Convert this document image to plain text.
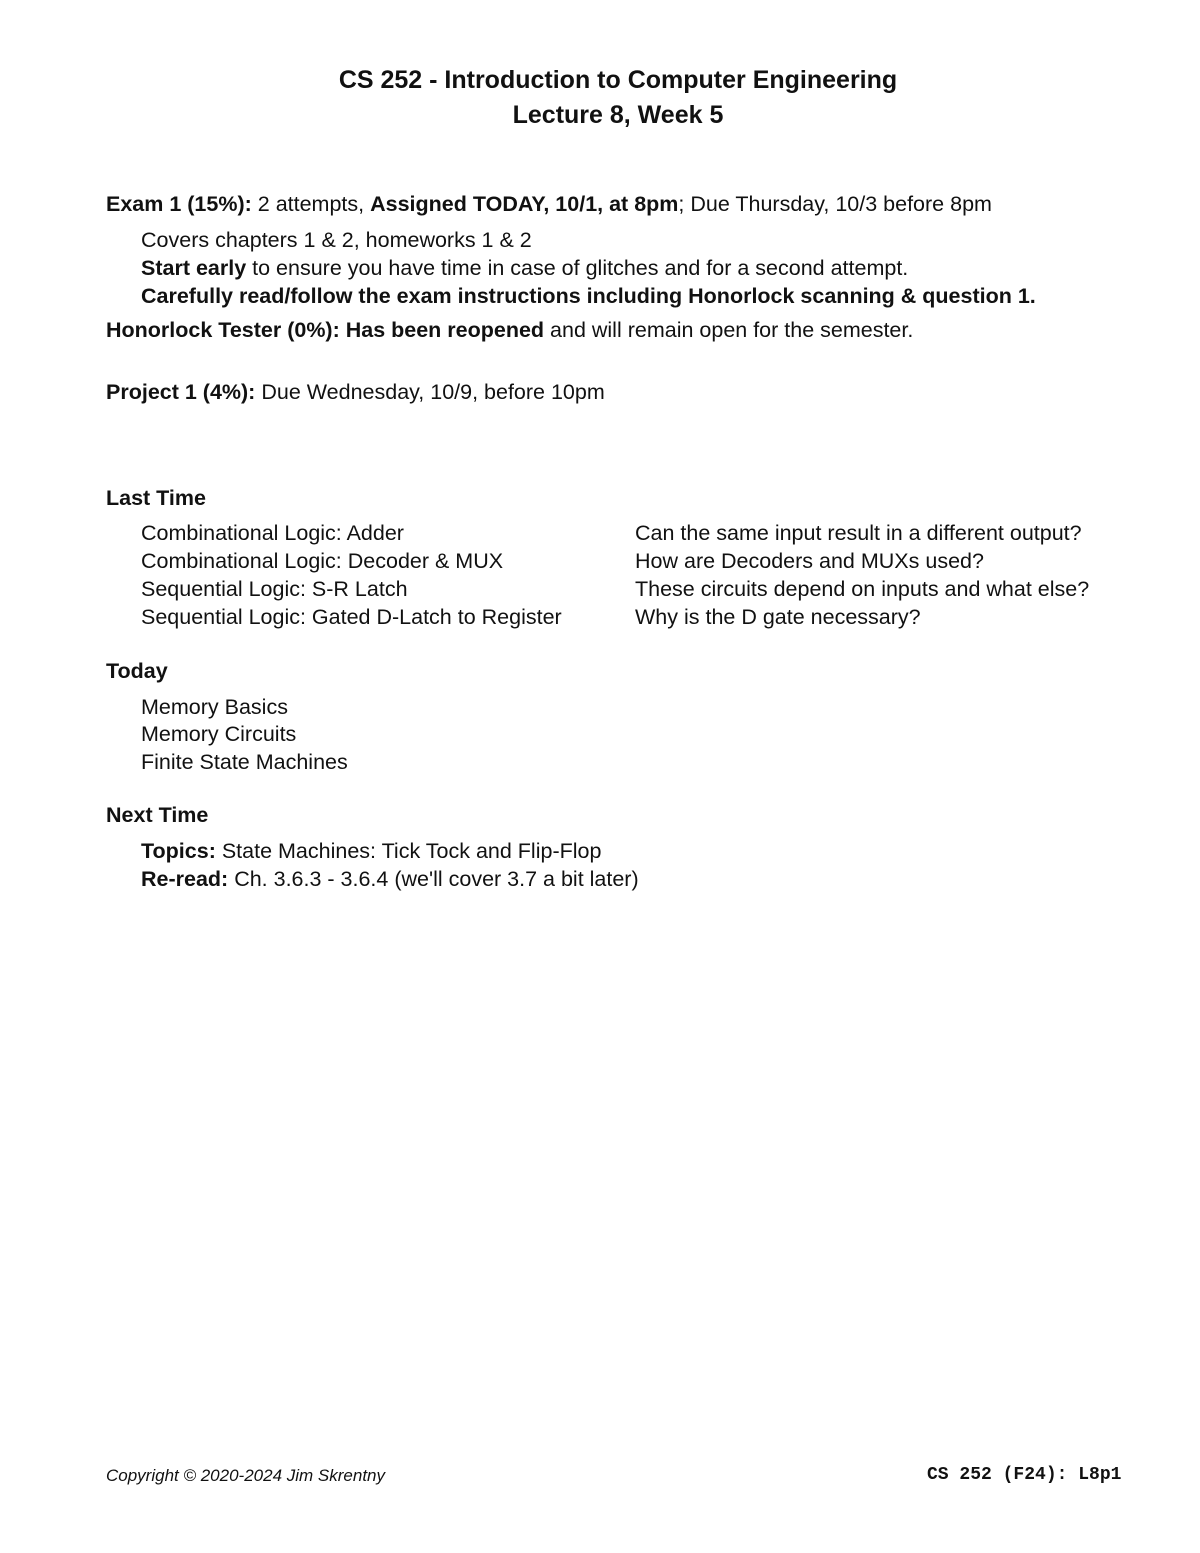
CS 252 - Introduction to Computer Engineering
Lecture 8, Week 5
Exam 1 (15%): 2 attempts, Assigned TODAY, 10/1, at 8pm; Due Thursday, 10/3 before 8pm
Covers chapters 1 & 2, homeworks 1 & 2
Start early to ensure you have time in case of glitches and for a second attempt.
Carefully read/follow the exam instructions including Honorlock scanning & question 1.
Honorlock Tester (0%): Has been reopened and will remain open for the semester.
Project 1 (4%): Due Wednesday, 10/9, before 10pm
Last Time
Combinational Logic: Adder
Combinational Logic: Decoder & MUX
Sequential Logic: S-R Latch
Sequential Logic: Gated D-Latch to Register
Can the same input result in a different output?
How are Decoders and MUXs used?
These circuits depend on inputs and what else?
Why is the D gate necessary?
Today
Memory Basics
Memory Circuits
Finite State Machines
Next Time
Topics: State Machines: Tick Tock and Flip-Flop
Re-read: Ch. 3.6.3 - 3.6.4 (we'll cover 3.7 a bit later)
Copyright © 2020-2024 Jim Skrentny	CS 252 (F24): L8p1
